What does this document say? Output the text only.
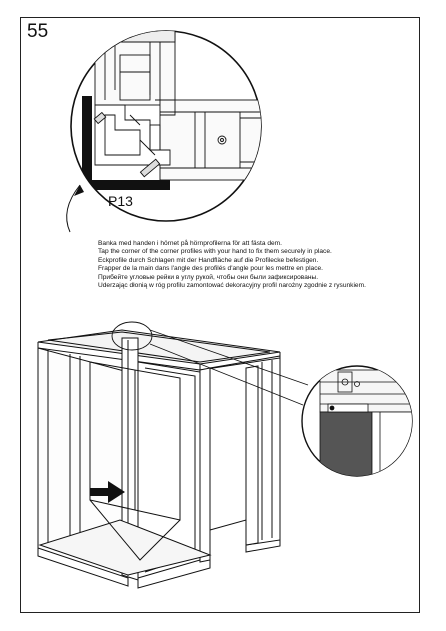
55
P13
Banka med handen i hörnet på hörnprofilerna för att fästa dem.
Tap the corner of the corner profiles with your hand to fix them securely in place.
Eckprofile durch Schlagen mit der Handfläche auf die Profilecke befestigen.
Frapper de la main dans l'angle des profilés d'angle pour les mettre en place.
Прибейте угловые рейки в углу рукой, чтобы они были зафиксированы.
Uderzając dłonią w róg profilu zamontować dekoracyjny profil narożny zgodnie z rysunkiem.
